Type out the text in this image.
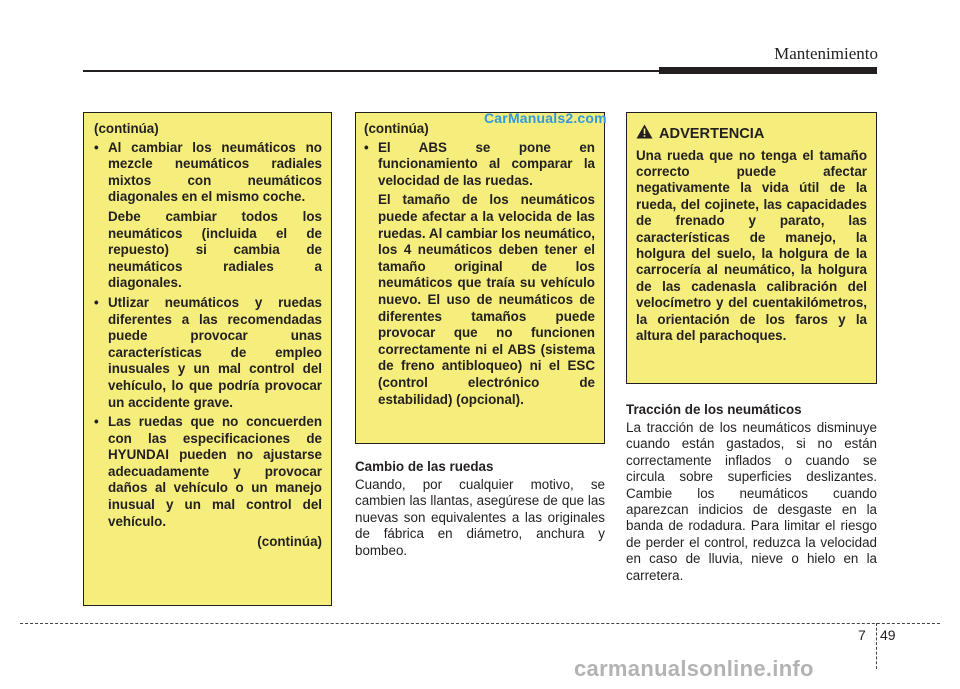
Mantenimiento

(continúa)

• Al cambiar los neumáticos no mezcle neumáticos radiales mixtos con neumáticos diagonales en el mismo coche.

Debe cambiar todos los neumáticos (incluida el de repuesto) si cambia de neumáticos radiales a diagonales.

• Utlizar neumáticos y ruedas diferentes a las recomendadas puede provocar unas características de empleo inusuales y un mal control del vehículo, lo que podría provocar un accidente grave.

• Las ruedas que no concuerden con las especificaciones de HYUNDAI pueden no ajustarse adecuadamente y provocar daños al vehículo o un manejo inusual y un mal control del vehículo.

(continúa)

(continúa)

• El ABS se pone en funcionamiento al comparar la velocidad de las ruedas.

El tamaño de los neumáticos puede afectar a la velocida de las ruedas. Al cambiar los neumático, los 4 neumáticos deben tener el tamaño original de los neumáticos que traía su vehículo nuevo. El uso de neumáticos de diferentes tamaños puede provocar que no funcionen correctamente ni el ABS (sistema de freno antibloqueo) ni el ESC (control electrónico de estabilidad) (opcional).

ADVERTENCIA

Una rueda que no tenga el tamaño correcto puede afectar negativamente la vida útil de la rueda, del cojinete, las capacidades de frenado y parato, las características de manejo, la holgura del suelo, la holgura de la carrocería al neumático, la holgura de las cadenasla calibración del velocímetro y del cuentakilómetros, la orientación de los faros y la altura del parachoques.

CarManuals2.com
Cambio de las ruedas

Cuando, por cualquier motivo, se cambien las llantas, asegúrese de que las nuevas son equivalentes a las originales de fábrica en diámetro, anchura y bombeo.

Tracción de los neumáticos

La tracción de los neumáticos disminuye cuando están gastados, si no están correctamente inflados o cuando se circula sobre superficies deslizantes. Cambie los neumáticos cuando aparezcan indicios de desgaste en la banda de rodadura. Para limitar el riesgo de perder el control, reduzca la velocidad en caso de lluvia, nieve o hielo en la carretera.

7 49
carmanualsonline.info
